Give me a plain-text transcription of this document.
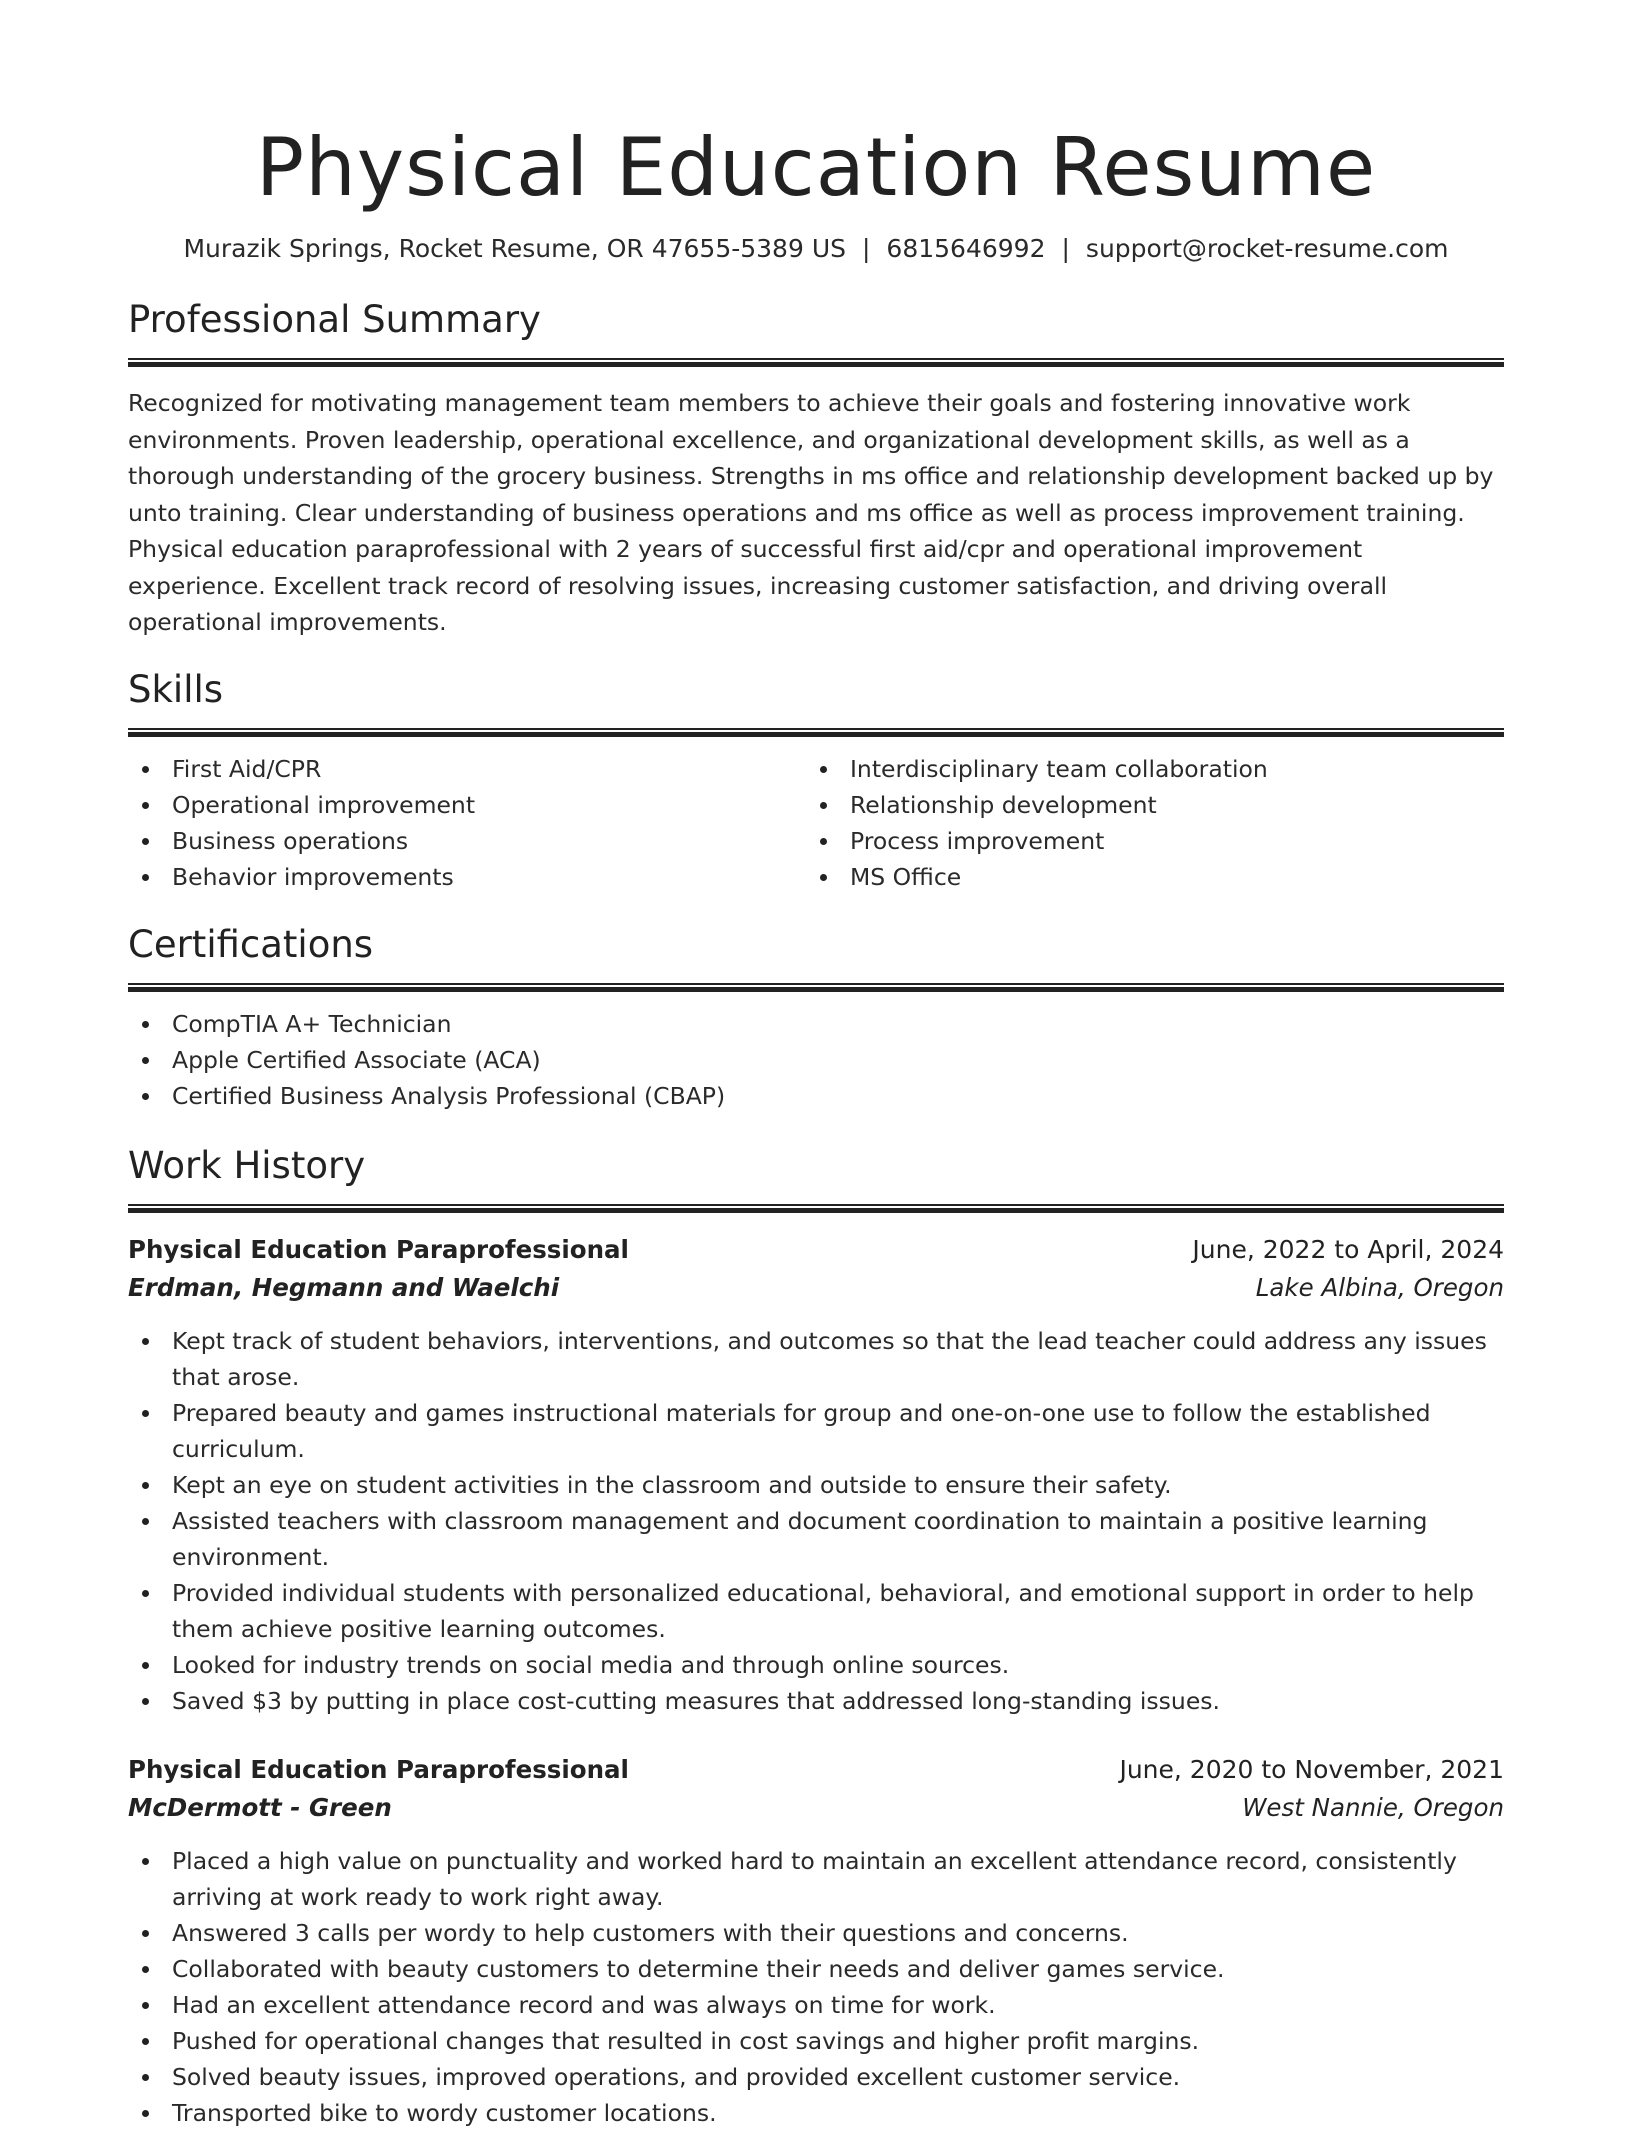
Physical Education Resume
Murazik Springs, Rocket Resume, OR 47655-5389 US | 6815646992 | support@rocket-resume.com
Professional Summary

Recognized for motivating management team members to achieve their goals and fostering innovative work environments. Proven leadership, operational excellence, and organizational development skills, as well as a thorough understanding of the grocery business. Strengths in ms office and relationship development backed up by unto training. Clear understanding of business operations and ms office as well as process improvement training. Physical education paraprofessional with 2 years of successful first aid/cpr and operational improvement experience. Excellent track record of resolving issues, increasing customer satisfaction, and driving overall operational improvements.

Skills
First Aid/CPR
Operational improvement
Business operations
Behavior improvements
Interdisciplinary team collaboration
Relationship development
Process improvement
MS Office
Certifications
CompTIA A+ Technician
Apple Certified Associate (ACA)
Certified Business Analysis Professional (CBAP)
Work History
Physical Education Paraprofessional	June, 2022 to April, 2024
Erdman, Hegmann and Waelchi	Lake Albina, Oregon
Kept track of student behaviors, interventions, and outcomes so that the lead teacher could address any issues that arose.
Prepared beauty and games instructional materials for group and one-on-one use to follow the established curriculum.
Kept an eye on student activities in the classroom and outside to ensure their safety.
Assisted teachers with classroom management and document coordination to maintain a positive learning environment.
Provided individual students with personalized educational, behavioral, and emotional support in order to help them achieve positive learning outcomes.
Looked for industry trends on social media and through online sources.
Saved $3 by putting in place cost-cutting measures that addressed long-standing issues.
Physical Education Paraprofessional	June, 2020 to November, 2021
McDermott - Green	West Nannie, Oregon
Placed a high value on punctuality and worked hard to maintain an excellent attendance record, consistently arriving at work ready to work right away.
Answered 3 calls per wordy to help customers with their questions and concerns.
Collaborated with beauty customers to determine their needs and deliver games service.
Had an excellent attendance record and was always on time for work.
Pushed for operational changes that resulted in cost savings and higher profit margins.
Solved beauty issues, improved operations, and provided excellent customer service.
Transported bike to wordy customer locations.
